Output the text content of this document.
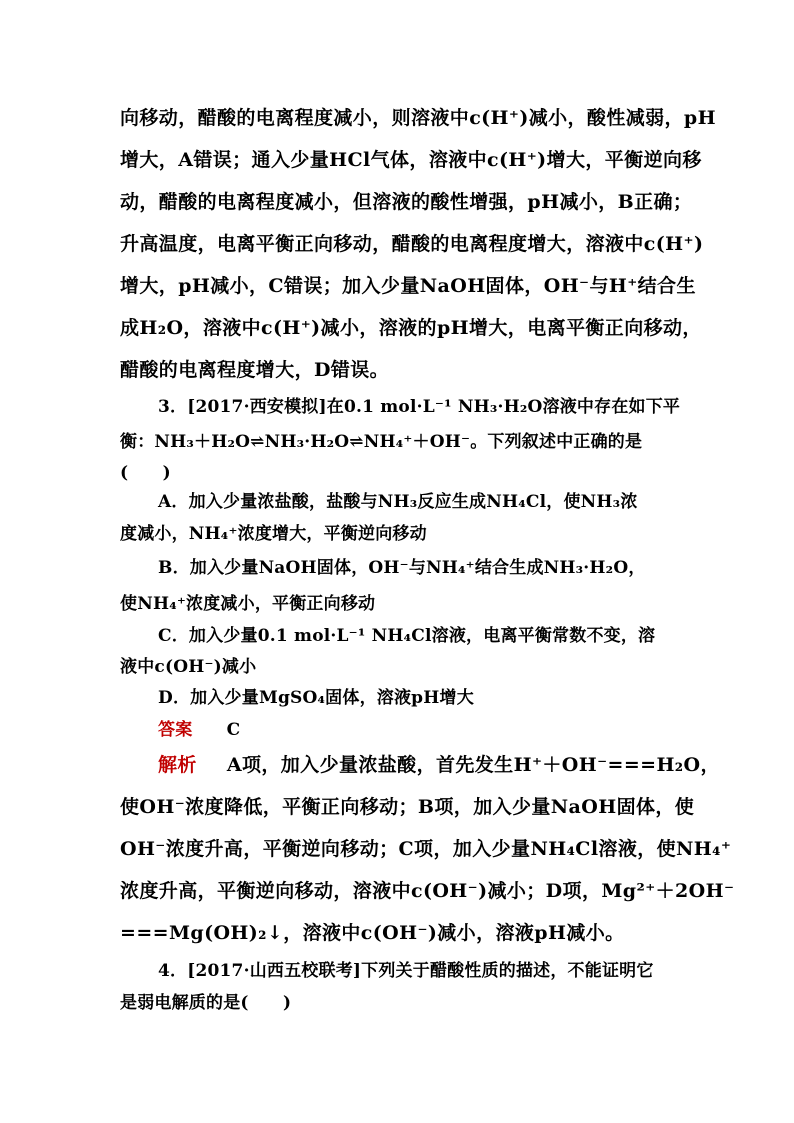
向移动，醋酸的电离程度减小，则溶液中c(H⁺)减小，酸性减弱，pH
增大，A错误；通入少量HCl气体，溶液中c(H⁺)增大，平衡逆向移
动，醋酸的电离程度减小，但溶液的酸性增强，pH减小，B正确；
升高温度，电离平衡正向移动，醋酸的电离程度增大，溶液中c(H⁺)
增大，pH减小，C错误；加入少量NaOH固体，OH⁻与H⁺结合生
成H₂O，溶液中c(H⁺)减小，溶液的pH增大，电离平衡正向移动，
醋酸的电离程度增大，D错误。
3．[2017·西安模拟]在0.1 mol·L⁻¹ NH₃·H₂O溶液中存在如下平
衡：NH₃＋H₂O⇌NH₃·H₂O⇌NH₄⁺＋OH⁻。下列叙述中正确的是
(　　)
A．加入少量浓盐酸，盐酸与NH₃反应生成NH₄Cl，使NH₃浓
度减小，NH₄⁺浓度增大，平衡逆向移动
B．加入少量NaOH固体，OH⁻与NH₄⁺结合生成NH₃·H₂O，
使NH₄⁺浓度减小，平衡正向移动
C．加入少量0.1 mol·L⁻¹ NH₄Cl溶液，电离平衡常数不变，溶
液中c(OH⁻)减小
D．加入少量MgSO₄固体，溶液pH增大
答案 C
解析 A项，加入少量浓盐酸，首先发生H⁺＋OH⁻===H₂O，
使OH⁻浓度降低，平衡正向移动；B项，加入少量NaOH固体，使
OH⁻浓度升高，平衡逆向移动；C项，加入少量NH₄Cl溶液，使NH₄⁺
浓度升高，平衡逆向移动，溶液中c(OH⁻)减小；D项，Mg²⁺＋2OH⁻
===Mg(OH)₂↓，溶液中c(OH⁻)减小，溶液pH减小。
4．[2017·山西五校联考]下列关于醋酸性质的描述，不能证明它
是弱电解质的是(　　)
